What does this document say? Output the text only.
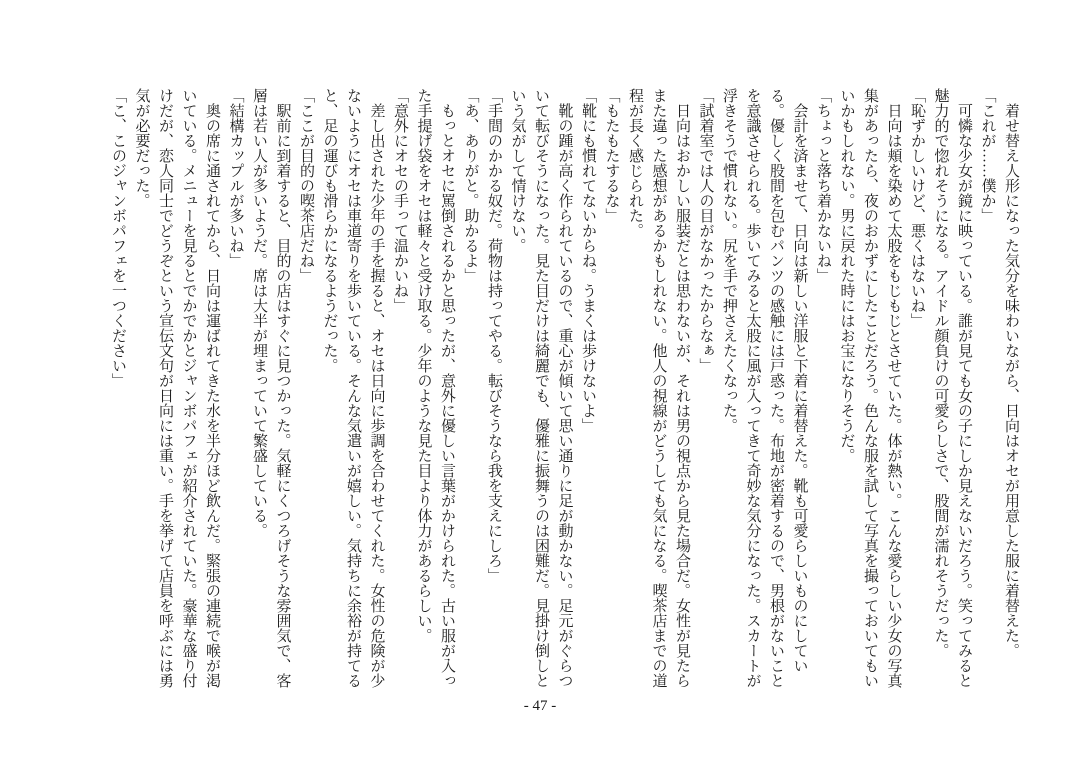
着せ替え人形になった気分を味わいながら、日向はオセが用意した服に着替えた。

「これが……僕か」

可憐な少女が鏡に映っている。誰が見ても女の子にしか見えないだろう。笑ってみると魅力的で惚れそうになる。アイドル顔負けの可愛らしさで、股間が濡れそうだった。

「恥ずかしいけど、悪くはないね」

日向は頬を染めて太股をもじもじとさせていた。体が熱い。こんな愛らしい少女の写真集があったら、夜のおかずにしたことだろう。色んな服を試して写真を撮っておいてもいいかもしれない。男に戻れた時にはお宝になりそうだ。

「ちょっと落ち着かないね」

会計を済ませて、日向は新しい洋服と下着に着替えた。靴も可愛らしいものにしている。優しく股間を包むパンツの感触には戸惑った。布地が密着するので、男根がないことを意識させられる。歩いてみると太股に風が入ってきて奇妙な気分になった。スカートが浮きそうで慣れない。尻を手で押さえたくなった。

「試着室では人の目がなかったからなぁ」

日向はおかしい服装だとは思わないが、それは男の視点から見た場合だ。女性が見たらまた違った感想があるかもしれない。他人の視線がどうしても気になる。喫茶店までの道程が長く感じられた。

「もたもたするな」

「靴にも慣れてないからね。うまくは歩けないよ」

靴の踵が高く作られているので、重心が傾いて思い通りに足が動かない。足元がぐらついて転びそうになった。見た目だけは綺麗でも、優雅に振舞うのは困難だ。見掛け倒しという気がして情けない。

「手間のかかる奴だ。荷物は持ってやる。転びそうなら我を支えにしろ」

「あ、ありがと。助かるよ」

もっとオセに罵倒されるかと思ったが、意外に優しい言葉がかけられた。古い服が入った手提げ袋をオセは軽々と受け取る。少年のような見た目より体力があるらしい。

「意外にオセの手って温かいね」

差し出された少年の手を握ると、オセは日向に歩調を合わせてくれた。女性の危険が少ないようにオセは車道寄りを歩いている。そんな気遣いが嬉しい。気持ちに余裕が持てると、足の運びも滑らかになるようだった。

「ここが目的の喫茶店だね」

駅前に到着すると、目的の店はすぐに見つかった。気軽にくつろげそうな雰囲気で、客層は若い人が多いようだ。席は大半が埋まっていて繁盛している。

「結構カップルが多いね」

奥の席に通されてから、日向は運ばれてきた水を半分ほど飲んだ。緊張の連続で喉が渇いている。メニューを見るとでかでかとジャンボパフェが紹介されていた。豪華な盛り付けだが、恋人同士でどうぞという宣伝文句が日向には重い。手を挙げて店員を呼ぶには勇気が必要だった。

「こ、このジャンボパフェを一つください」

- 47 -
